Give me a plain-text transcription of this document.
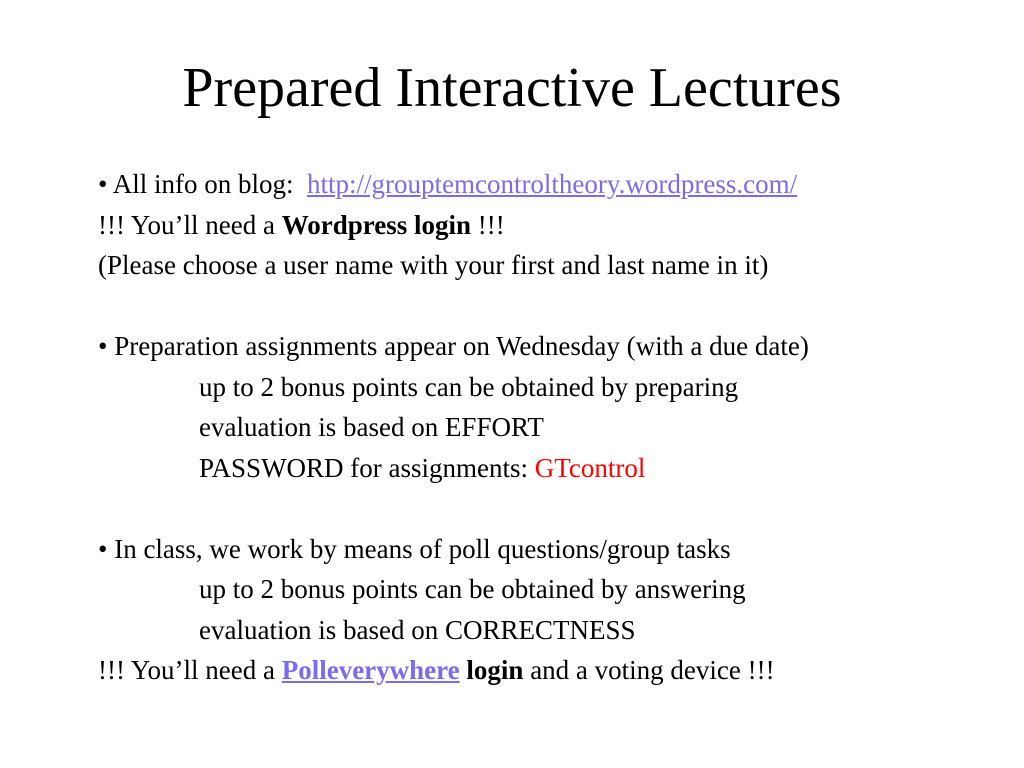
Prepared Interactive Lectures
• All info on blog: http://grouptemcontroltheory.wordpress.com/
!!! You’ll need a Wordpress login !!!
(Please choose a user name with your first and last name in it)
• Preparation assignments appear on Wednesday (with a due date)
up to 2 bonus points can be obtained by preparing
evaluation is based on EFFORT
PASSWORD for assignments: GTcontrol
• In class, we work by means of poll questions/group tasks
up to 2 bonus points can be obtained by answering
evaluation is based on CORRECTNESS
!!! You’ll need a Polleverywhere login and a voting device !!!
